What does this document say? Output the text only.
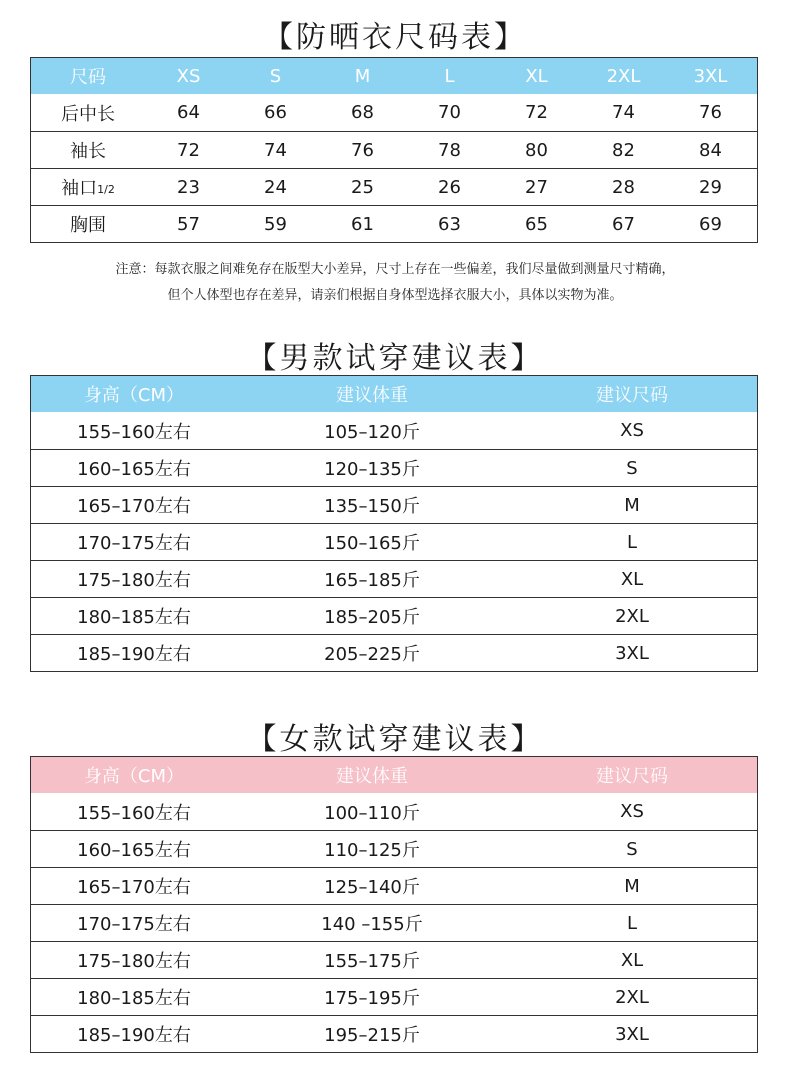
【防晒衣尺码表】
尺码	XS	S	M	L	XL	2XL	3XL
后中长	64	66	68	70	72	74	76
袖长	72	74	76	78	80	82	84
袖口 1/2	23	24	25	26	27	28	29
胸围	57	59	61	63	65	67	69
注意：每款衣服之间难免存在版型大小差异，尺寸上存在一些偏差，我们尽量做到测量尺寸精确，
但个人体型也存在差异，请亲们根据自身体型选择衣服大小，具体以实物为准。
【男款试穿建议表】
身高（CM）	建议体重	建议尺码
155–160左右	105–120斤	XS
160–165左右	120–135斤	S
165–170左右	135–150斤	M
170–175左右	150–165斤	L
175–180左右	165–185斤	XL
180–185左右	185–205斤	2XL
185–190左右	205–225斤	3XL
【女款试穿建议表】
身高（CM）	建议体重	建议尺码
155–160左右	100–110斤	XS
160–165左右	110–125斤	S
165–170左右	125–140斤	M
170–175左右	140 –155斤	L
175–180左右	155–175斤	XL
180–185左右	175–195斤	2XL
185–190左右	195–215斤	3XL
